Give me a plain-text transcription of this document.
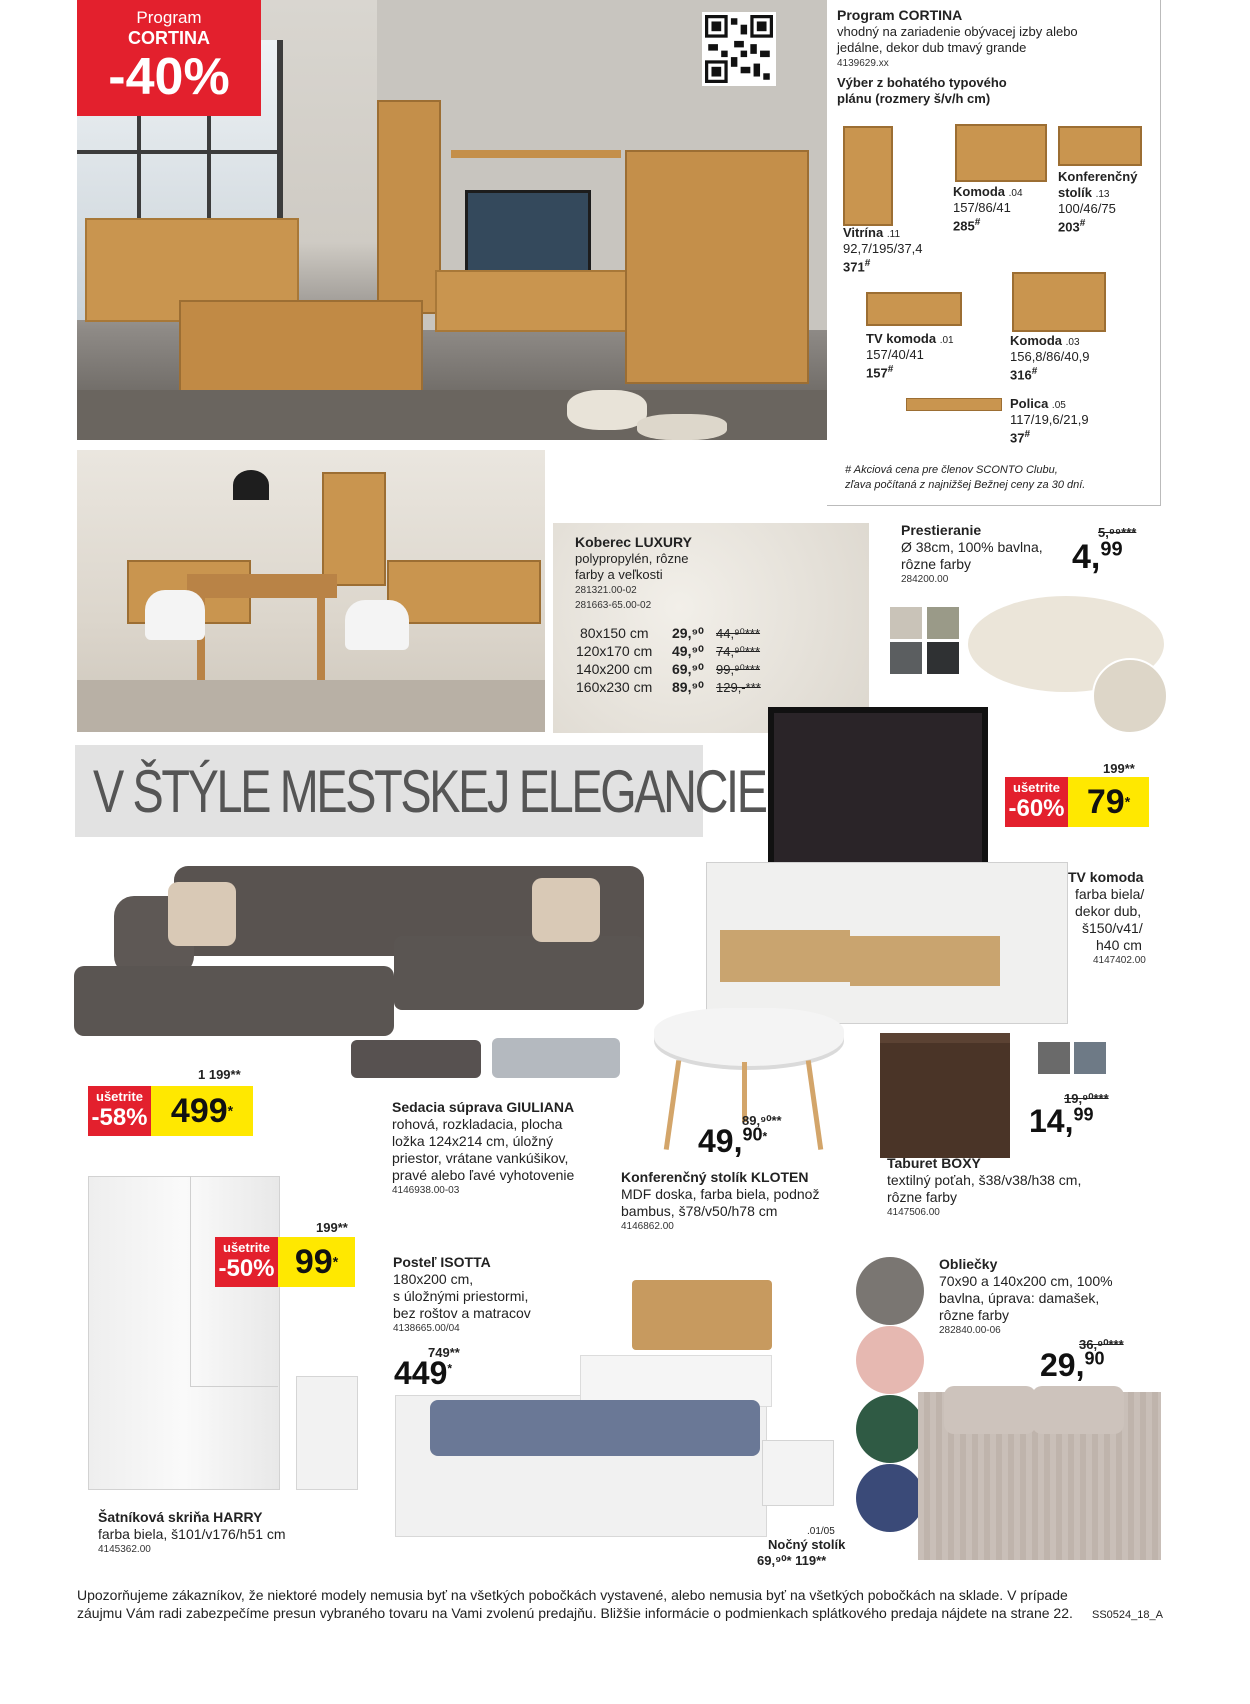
Program
CORTINA
-40%
Program CORTINA
vhodný na zariadenie obývacej izby alebo
jedálne, dekor dub tmavý grande
4139629.xx
Výber z bohatého typového
plánu (rozmery š/v/h cm)
Vitrína .11
92,7/195/37,4
371#
Komoda .04
157/86/41
285#
Konferenčný
stolík .13
100/46/75
203#
TV komoda .01
157/40/41
157#
Komoda .03
156,8/86/40,9
316#
Polica .05
117/19,6/21,9
37#
# Akciová cena pre členov SCONTO Clubu,
zľava počítaná z najnižšej Bežnej ceny za 30 dní.
Koberec LUXURY
polypropylén, rôzne
farby a veľkosti
281321.00-02
281663-65.00-02
80x150 cm 29,⁹⁰ 44,⁹⁰***
120x170 cm 49,⁹⁰ 74,⁹⁰***
140x200 cm 69,⁹⁰ 99,⁹⁰***
160x230 cm 89,⁹⁰ 129,-***
Prestieranie
Ø 38cm, 100% bavlna,
rôzne farby
284200.00
5,⁹⁹***
4,99
V ŠTÝLE MESTSKEJ ELEGANCIE	199**
ušetrite
-60% 79*
TV komoda
farba biela/
dekor dub,
š150/v41/
h40 cm
4147402.00
1 199**
ušetrite
-58% 499*	Sedacia súprava GIULIANA
rohová, rozkladacia, plocha
ložka 124x214 cm, úložný
priestor, vrátane vankúšikov,
pravé alebo ľavé vyhotovenie
4146938.00-03
89,⁹⁰**
49,$^{90*}$
Konferenčný stolík KLOTEN
MDF doska, farba biela, podnož
bambus, š78/v50/h78 cm
4146862.00
19,⁹⁰***
14,99
Taburet BOXY
textilný poťah, š38/v38/h38 cm,
rôzne farby
4147506.00
199**
ušetrite
-50% 99*
Šatníková skriňa HARRY
farba biela, š101/v176/h51 cm
4145362.00
Posteľ ISOTTA
180x200 cm,
s úložnými priestormi,
bez roštov a matracov
4138665.00/04
749**
449*
.01/05
Nočný stolík
69,⁹⁰* 119**
Obliečky
70x90 a 140x200 cm, 100%
bavlna, úprava: damašek,
rôzne farby
282840.00-06
36,⁹⁰***
29,90
Upozorňujeme zákazníkov, že niektoré modely nemusia byť na všetkých pobočkách vystavené, alebo nemusia byť na všetkých pobočkách na sklade. V prípade
záujmu Vám radi zabezpečíme presun vybraného tovaru na Vami zvolenú predajňu. Bližšie informácie o podmienkach splátkového predaja nájdete na strane 22. SS0524_18_A
